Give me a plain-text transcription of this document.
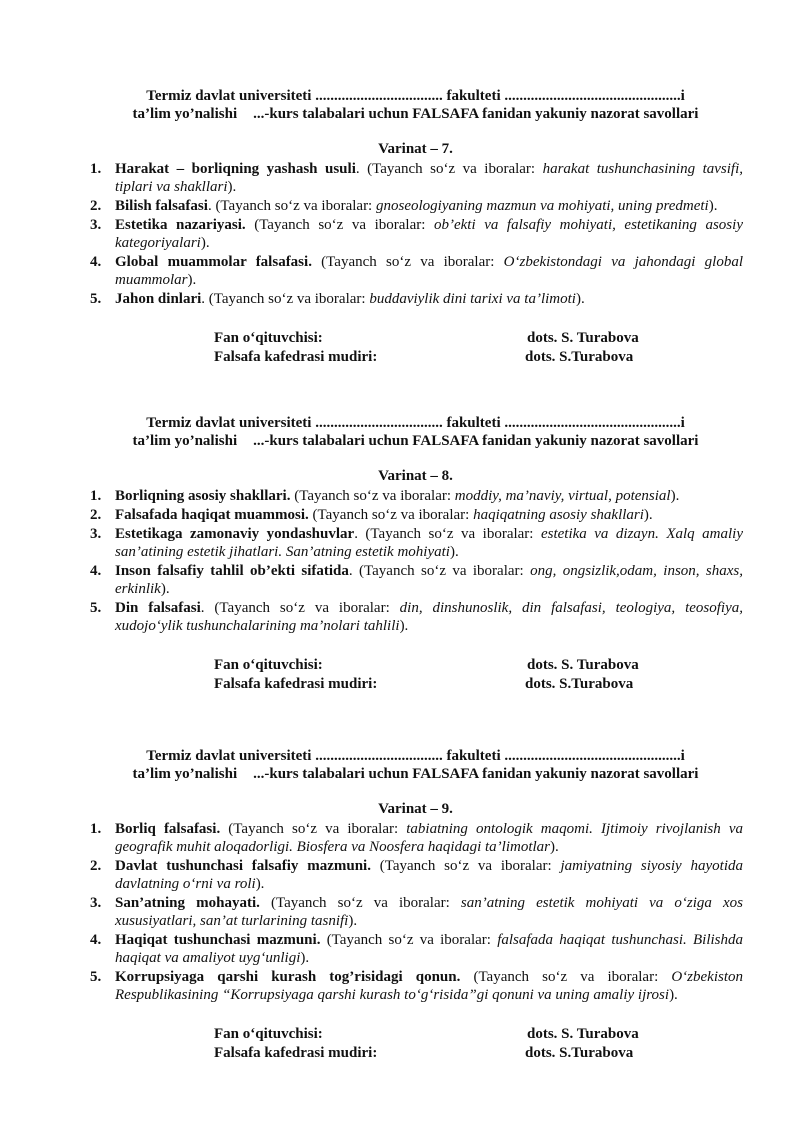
Termiz davlat universiteti .................................. fakulteti ...............................................i
ta’lim yo’nalishi ...-kurs talabalari uchun FALSAFA fanidan yakuniy nazorat savollari
Varinat – 7.
1. Harakat – borliqning yashash usuli. (Tayanch so‘z va iboralar: harakat tushunchasining tavsifi, tiplari va shakllari).
2. Bilish falsafasi. (Tayanch so‘z va iboralar: gnoseologiyaning mazmun va mohiyati, uning predmeti).
3. Estetika nazariyasi. (Tayanch so‘z va iboralar: ob’ekti va falsafiy mohiyati, estetikaning asosiy kategoriyalari).
4. Global muammolar falsafasi. (Tayanch so‘z va iboralar: O‘zbekistondagi va jahondagi global muammolar).
5. Jahon dinlari. (Tayanch so‘z va iboralar: buddaviylik dini tarixi va ta’limoti).
Fan o‘qituvchisi:	dots. S. Turabova
Falsafa kafedrasi mudiri:	dots. S.Turabova
Termiz davlat universiteti .................................. fakulteti ...............................................i
ta’lim yo’nalishi ...-kurs talabalari uchun FALSAFA fanidan yakuniy nazorat savollari
Varinat – 8.
1. Borliqning asosiy shakllari. (Tayanch so‘z va iboralar: moddiy, ma’naviy, virtual, potensial).
2. Falsafada haqiqat muammosi. (Tayanch so‘z va iboralar: haqiqatning asosiy shakllari).
3. Estetikaga zamonaviy yondashuvlar. (Tayanch so‘z va iboralar: estetika va dizayn. Xalq amaliy san’atining estetik jihatlari. San’atning estetik mohiyati).
4. Inson falsafiy tahlil ob’ekti sifatida. (Tayanch so‘z va iboralar: ong, ongsizlik,odam, inson, shaxs, erkinlik).
5. Din falsafasi. (Tayanch so‘z va iboralar: din, dinshunoslik, din falsafasi, teologiya, teosofiya, xudojo‘ylik tushunchalarining ma’nolari tahlili).
Fan o‘qituvchisi:	dots. S. Turabova
Falsafa kafedrasi mudiri:	dots. S.Turabova
Termiz davlat universiteti .................................. fakulteti ...............................................i
ta’lim yo’nalishi ...-kurs talabalari uchun FALSAFA fanidan yakuniy nazorat savollari
Varinat – 9.
1. Borliq falsafasi. (Tayanch so‘z va iboralar: tabiatning ontologik maqomi. Ijtimoiy rivojlanish va geografik muhit aloqadorligi. Biosfera va Noosfera haqidagi ta’limotlar).
2. Davlat tushunchasi falsafiy mazmuni. (Tayanch so‘z va iboralar: jamiyatning siyosiy hayotida davlatning o‘rni va roli).
3. San’atning mohayati. (Tayanch so‘z va iboralar: san’atning estetik mohiyati va o‘ziga xos xususiyatlari, san’at turlarining tasnifi).
4. Haqiqat tushunchasi mazmuni. (Tayanch so‘z va iboralar: falsafada haqiqat tushunchasi. Bilishda haqiqat va amaliyot uyg‘unligi).
5. Korrupsiyaga qarshi kurash tog’risidagi qonun. (Tayanch so‘z va iboralar: O‘zbekiston Respublikasining “Korrupsiyaga qarshi kurash to‘g‘risida”gi qonuni va uning amaliy ijrosi).
Fan o‘qituvchisi:	dots. S. Turabova
Falsafa kafedrasi mudiri:	dots. S.Turabova
